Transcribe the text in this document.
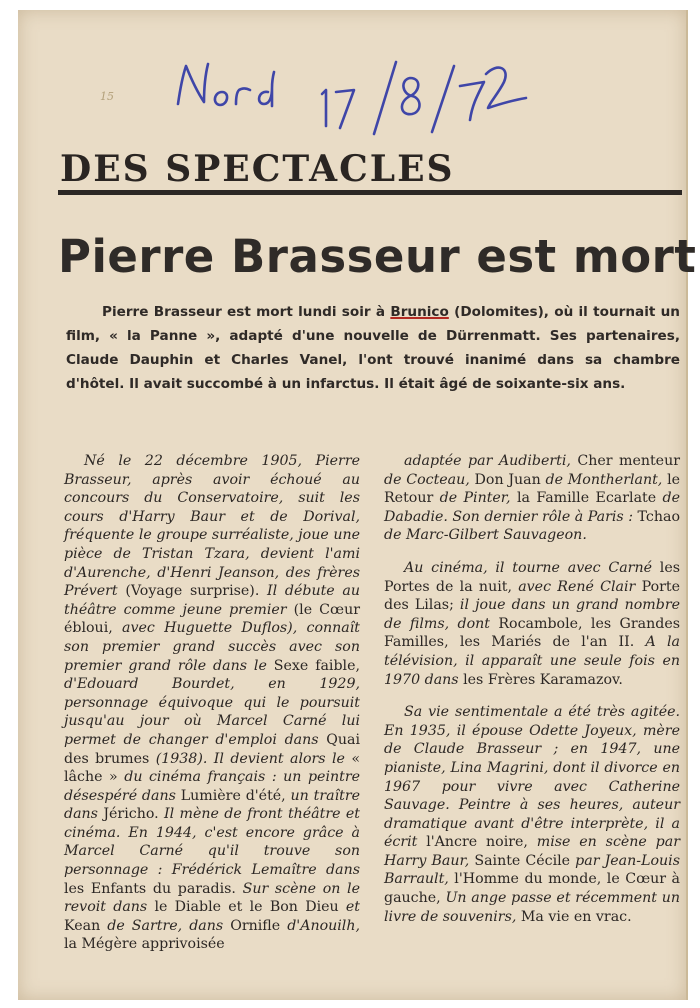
15
DES SPECTACLES
Pierre Brasseur est mort
Pierre Brasseur est mort lundi soir à Brunico (Dolomites), où il tournait un film, « la Panne », adapté d'une nouvelle de Dürrenmatt. Ses partenaires, Claude Dauphin et Charles Vanel, l'ont trouvé inanimé dans sa chambre d'hôtel. Il avait succombé à un infarctus. Il était âgé de soixante-six ans.

Né le 22 décembre 1905, Pierre Brasseur, après avoir échoué au concours du Conservatoire, suit les cours d'Harry Baur et de Dorival, fréquente le groupe surréaliste, joue une pièce de Tristan Tzara, devient l'ami d'Aurenche, d'Henri Jeanson, des frères Prévert (Voyage surprise). Il débute au théâtre comme jeune premier (le Cœur ébloui, avec Huguette Duflos), connaît son premier grand succès avec son premier grand rôle dans le Sexe faible, d'Edouard Bourdet, en 1929, personnage équivoque qui le poursuit jusqu'au jour où Marcel Carné lui permet de changer d'emploi dans Quai des brumes (1938). Il devient alors le « lâche » du cinéma français : un peintre désespéré dans Lumière d'été, un traître dans Jéricho. Il mène de front théâtre et cinéma. En 1944, c'est encore grâce à Marcel Carné qu'il trouve son personnage : Frédérick Lemaître dans les Enfants du paradis. Sur scène on le revoit dans le Diable et le Bon Dieu et Kean de Sartre, dans Ornifle d'Anouilh, la Mégère apprivoisée

adaptée par Audiberti, Cher menteur de Cocteau, Don Juan de Montherlant, le Retour de Pinter, la Famille Ecarlate de Dabadie. Son dernier rôle à Paris : Tchao de Marc-Gilbert Sauvageon.

Au cinéma, il tourne avec Carné les Portes de la nuit, avec René Clair Porte des Lilas; il joue dans un grand nombre de films, dont Rocambole, les Grandes Familles, les Mariés de l'an II. A la télévision, il apparaît une seule fois en 1970 dans les Frères Karamazov.

Sa vie sentimentale a été très agitée. En 1935, il épouse Odette Joyeux, mère de Claude Brasseur ; en 1947, une pianiste, Lina Magrini, dont il divorce en 1967 pour vivre avec Catherine Sauvage. Peintre à ses heures, auteur dramatique avant d'être interprète, il a écrit l'Ancre noire, mise en scène par Harry Baur, Sainte Cécile par Jean-Louis Barrault, l'Homme du monde, le Cœur à gauche, Un ange passe et récemment un livre de souvenirs, Ma vie en vrac.
